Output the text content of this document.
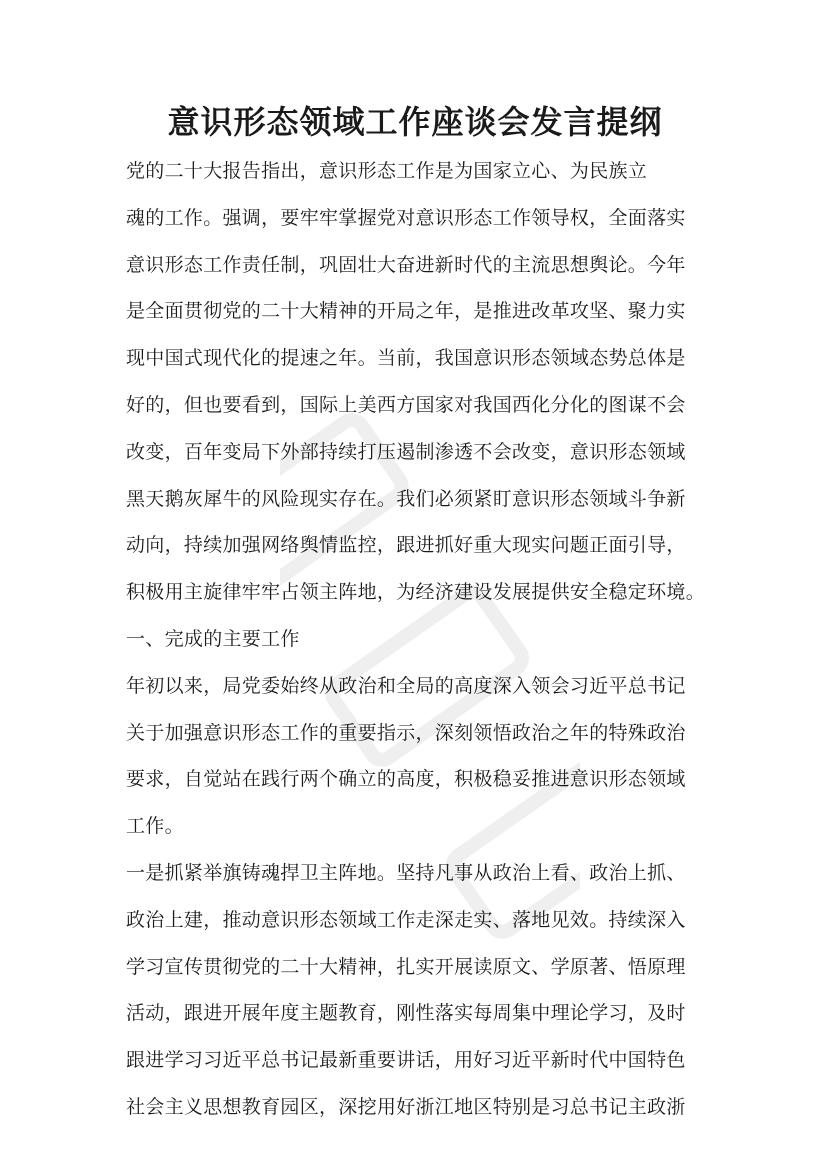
意识形态领域工作座谈会发言提纲
党的二十大报告指出，意识形态工作是为国家立心、为民族立
魂的工作。强调，要牢牢掌握党对意识形态工作领导权，全面落实
意识形态工作责任制，巩固壮大奋进新时代的主流思想舆论。今年
是全面贯彻党的二十大精神的开局之年，是推进改革攻坚、聚力实
现中国式现代化的提速之年。当前，我国意识形态领域态势总体是
好的，但也要看到，国际上美西方国家对我国西化分化的图谋不会
改变，百年变局下外部持续打压遏制渗透不会改变，意识形态领域
黑天鹅灰犀牛的风险现实存在。我们必须紧盯意识形态领域斗争新
动向，持续加强网络舆情监控，跟进抓好重大现实问题正面引导，
积极用主旋律牢牢占领主阵地，为经济建设发展提供安全稳定环境。
一、完成的主要工作
年初以来，局党委始终从政治和全局的高度深入领会习近平总书记
关于加强意识形态工作的重要指示，深刻领悟政治之年的特殊政治
要求，自觉站在践行两个确立的高度，积极稳妥推进意识形态领域
工作。
一是抓紧举旗铸魂捍卫主阵地。坚持凡事从政治上看、政治上抓、
政治上建，推动意识形态领域工作走深走实、落地见效。持续深入
学习宣传贯彻党的二十大精神，扎实开展读原文、学原著、悟原理
活动，跟进开展年度主题教育，刚性落实每周集中理论学习，及时
跟进学习习近平总书记最新重要讲话，用好习近平新时代中国特色
社会主义思想教育园区，深挖用好浙江地区特别是习总书记主政浙
